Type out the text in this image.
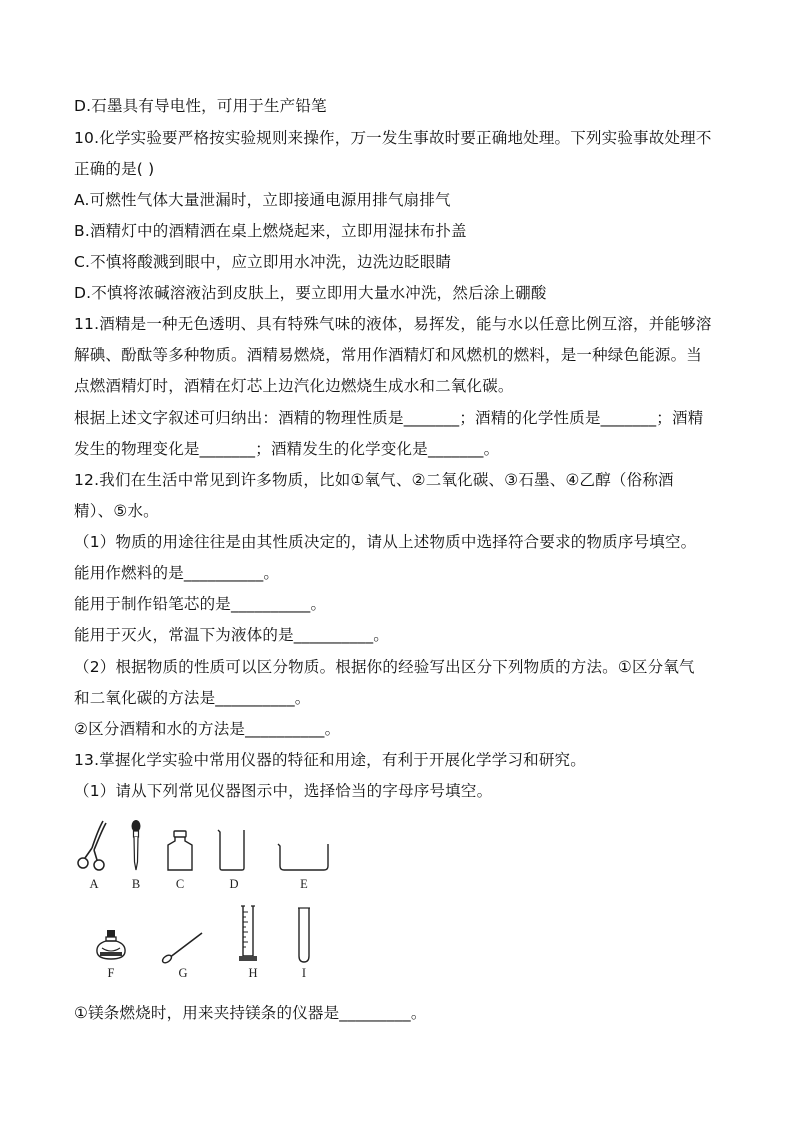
D.石墨具有导电性，可用于生产铅笔
10.化学实验要严格按实验规则来操作，万一发生事故时要正确地处理。下列实验事故处理不
正确的是( )
A.可燃性气体大量泄漏时，立即接通电源用排气扇排气
B.酒精灯中的酒精洒在桌上燃烧起来，立即用湿抹布扑盖
C.不慎将酸溅到眼中，应立即用水冲洗，边洗边眨眼睛
D.不慎将浓碱溶液沾到皮肤上，要立即用大量水冲洗，然后涂上硼酸
11.酒精是一种无色透明、具有特殊气味的液体，易挥发，能与水以任意比例互溶，并能够溶
解碘、酚酞等多种物质。酒精易燃烧，常用作酒精灯和风燃机的燃料，是一种绿色能源。当
点燃酒精灯时，酒精在灯芯上边汽化边燃烧生成水和二氧化碳。
根据上述文字叙述可归纳出：酒精的物理性质是_______；酒精的化学性质是_______；酒精
发生的物理变化是_______；酒精发生的化学变化是_______。
12.我们在生活中常见到许多物质，比如①氧气、②二氧化碳、③石墨、④乙醇（俗称酒
精）、⑤水。
（1）物质的用途往往是由其性质决定的，请从上述物质中选择符合要求的物质序号填空。
能用作燃料的是__________。
能用于制作铅笔芯的是__________。
能用于灭火，常温下为液体的是__________。
（2）根据物质的性质可以区分物质。根据你的经验写出区分下列物质的方法。①区分氧气
和二氧化碳的方法是__________。
②区分酒精和水的方法是__________。
13.掌握化学实验中常用仪器的特征和用途，有利于开展化学学习和研究。
（1）请从下列常见仪器图示中，选择恰当的字母序号填空。
A	B	C	D	E
F	G	H	I
①镁条燃烧时，用来夹持镁条的仪器是_________。
